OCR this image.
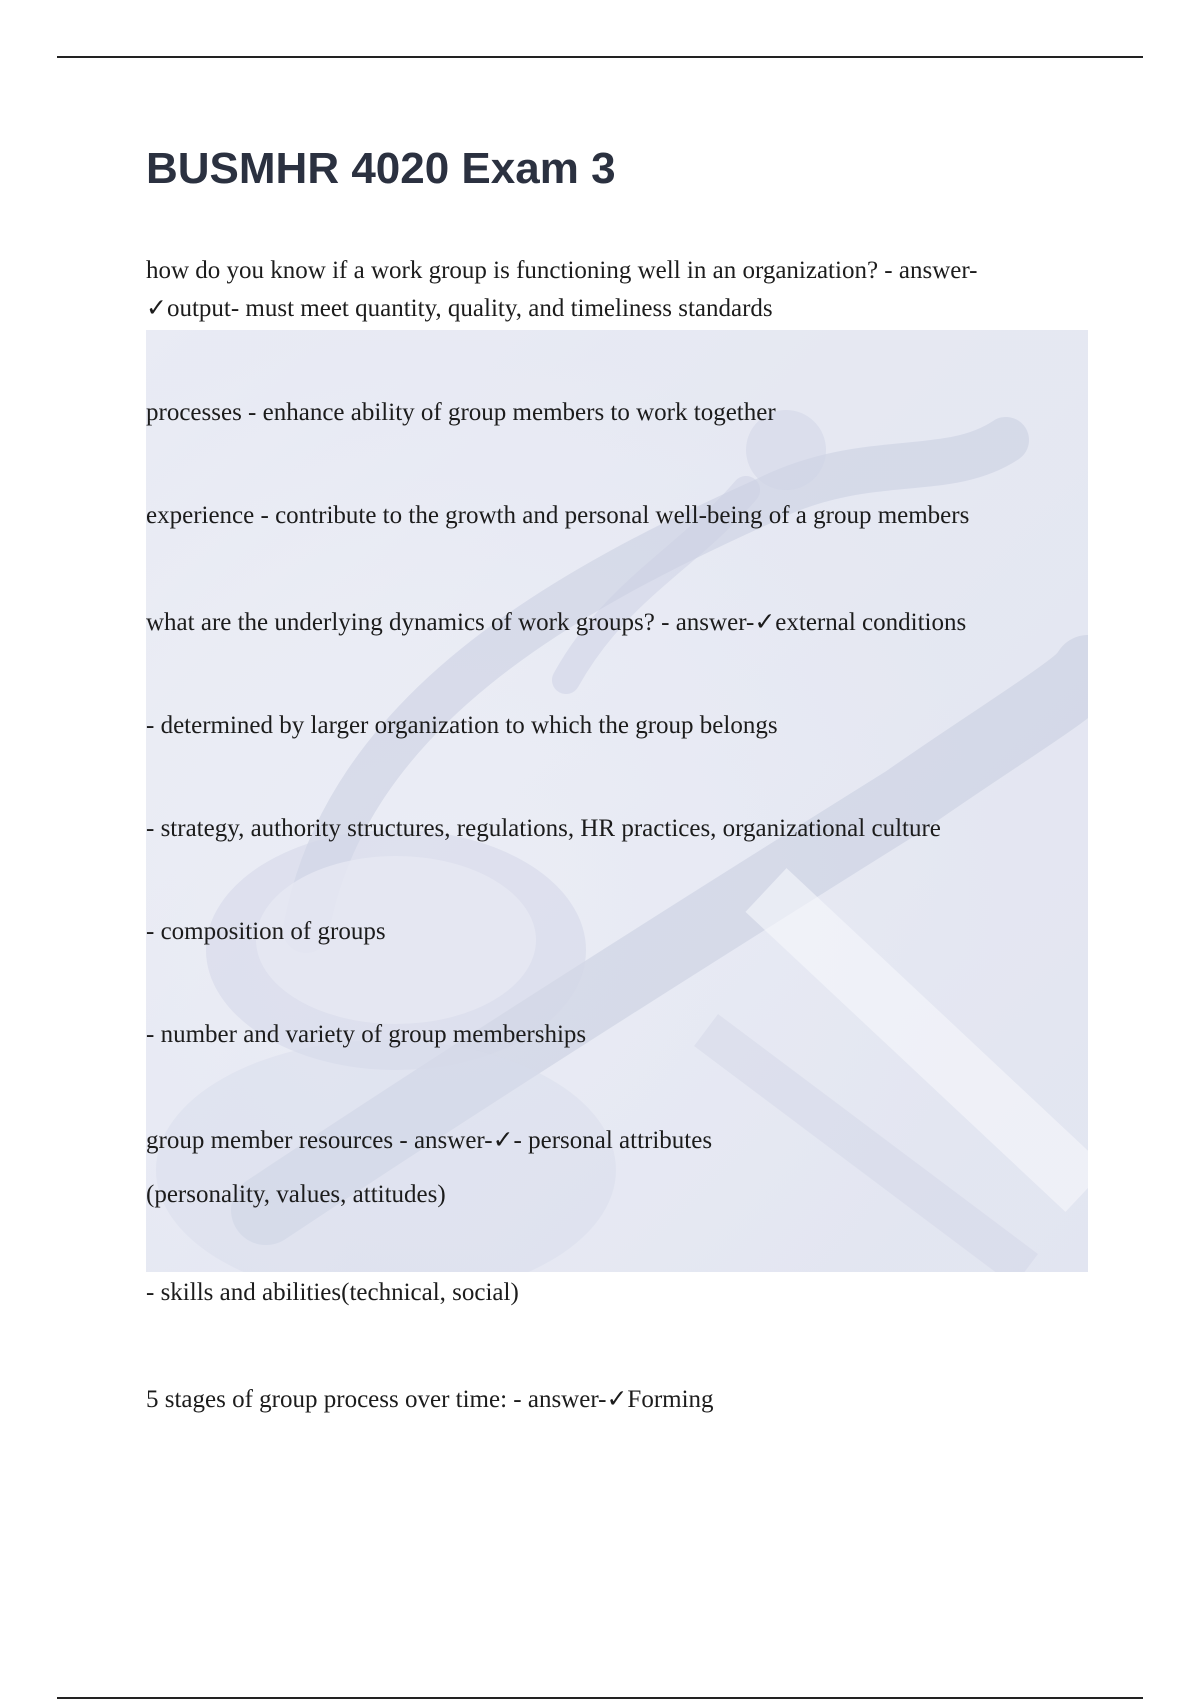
BUSMHR 4020 Exam 3
how do you know if a work group is functioning well in an organization? - answer-
✓output- must meet quantity, quality, and timeliness standards
processes - enhance ability of group members to work together
experience - contribute to the growth and personal well-being of a group members
what are the underlying dynamics of work groups? - answer-✓external conditions
- determined by larger organization to which the group belongs
- strategy, authority structures, regulations, HR practices, organizational culture
- composition of groups
- number and variety of group memberships
group member resources - answer-✓- personal attributes
(personality, values, attitudes)
- skills and abilities(technical, social)
5 stages of group process over time: - answer-✓Forming
